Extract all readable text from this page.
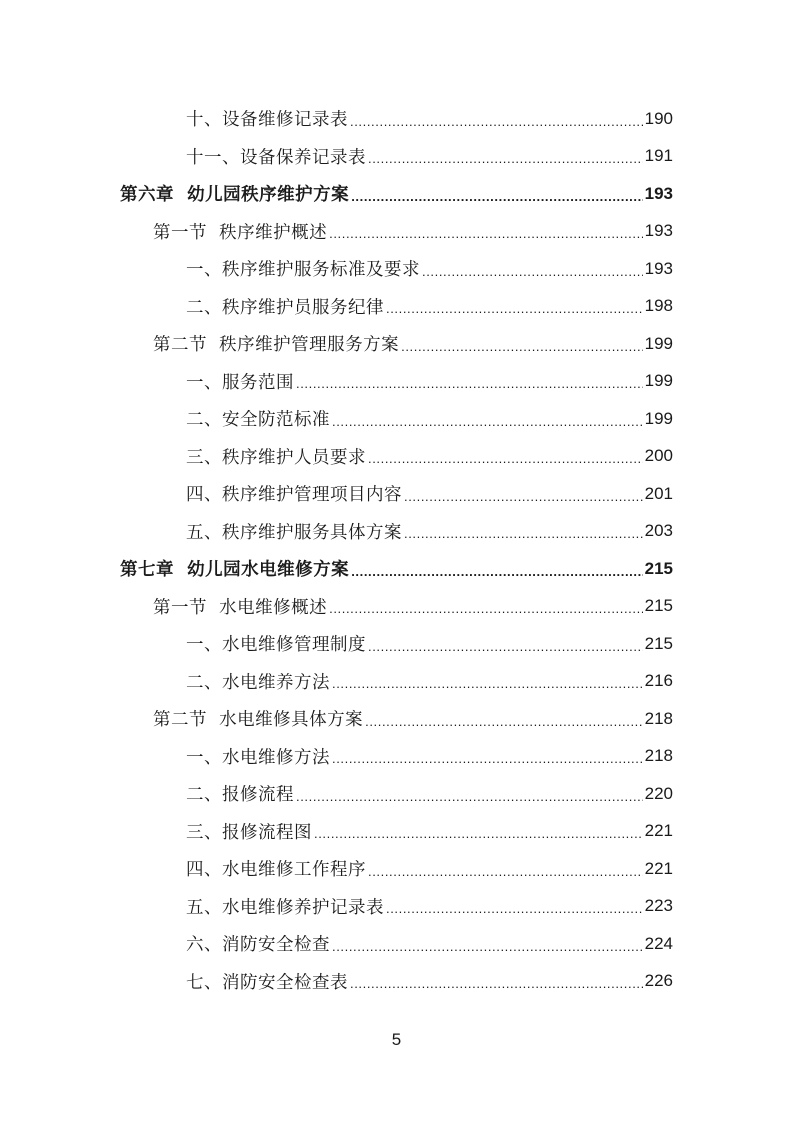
十、设备维修记录表 .....	190
十一、设备保养记录表 .....	191
第六章  幼儿园秩序维护方案 .....	193
第一节  秩序维护概述 .....	193
一、秩序维护服务标准及要求 .....	193
二、秩序维护员服务纪律 .....	198
第二节  秩序维护管理服务方案 .....	199
一、服务范围 .....	199
二、安全防范标准 .....	199
三、秩序维护人员要求 .....	200
四、秩序维护管理项目内容 .....	201
五、秩序维护服务具体方案 .....	203
第七章  幼儿园水电维修方案 .....	215
第一节  水电维修概述 .....	215
一、水电维修管理制度 .....	215
二、水电维养方法 .....	216
第二节  水电维修具体方案 .....	218
一、水电维修方法 .....	218
二、报修流程 .....	220
三、报修流程图 .....	221
四、水电维修工作程序 .....	221
五、水电维修养护记录表 .....	223
六、消防安全检查 .....	224
七、消防安全检查表 .....	226
5
